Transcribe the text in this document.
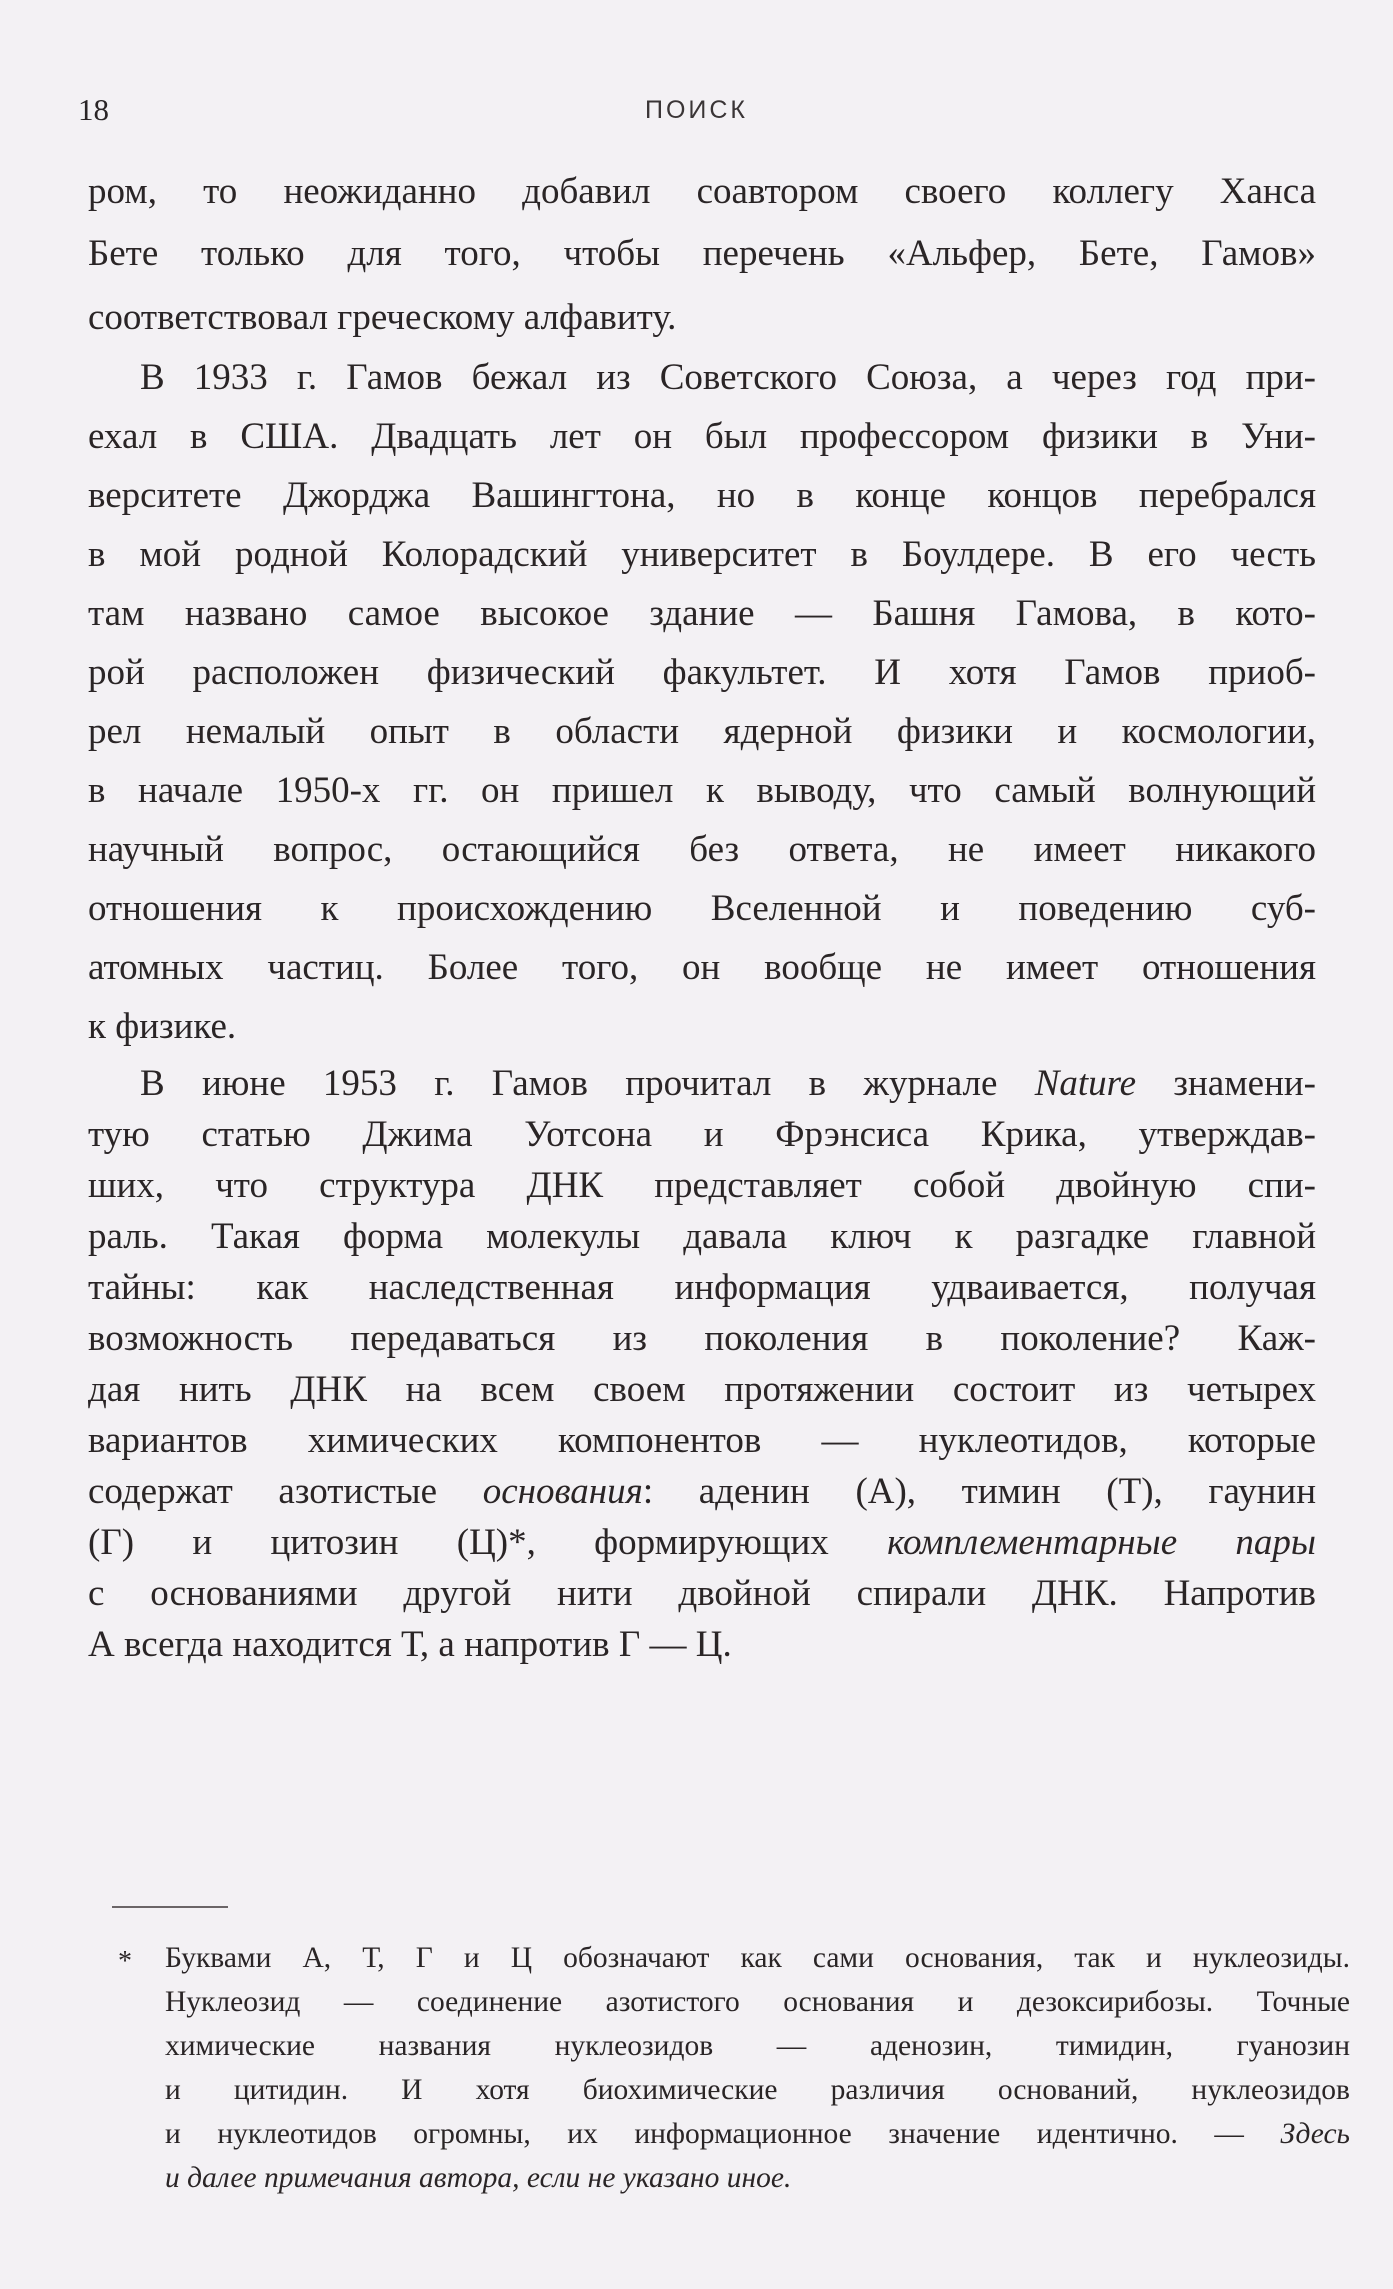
18	ПОИСК
ром, то неожиданно добавил соавтором своего коллегу Ханса
Бете только для того, чтобы перечень «Альфер, Бете, Гамов»
соответствовал греческому алфавиту.
В 1933 г. Гамов бежал из Советского Союза, а через год при-
ехал в США. Двадцать лет он был профессором физики в Уни-
верситете Джорджа Вашингтона, но в конце концов перебрался
в мой родной Колорадский университет в Боулдере. В его честь
там названо самое высокое здание — Башня Гамова, в кото-
рой расположен физический факультет. И хотя Гамов приоб-
рел немалый опыт в области ядерной физики и космологии,
в начале 1950-х гг. он пришел к выводу, что самый волнующий
научный вопрос, остающийся без ответа, не имеет никакого
отношения к происхождению Вселенной и поведению суб-
атомных частиц. Более того, он вообще не имеет отношения
к физике.
В июне 1953 г. Гамов прочитал в журнале Nature знамени-
тую статью Джима Уотсона и Фрэнсиса Крика, утверждав-
ших, что структура ДНК представляет собой двойную спи-
раль. Такая форма молекулы давала ключ к разгадке главной
тайны: как наследственная информация удваивается, получая
возможность передаваться из поколения в поколение? Каж-
дая нить ДНК на всем своем протяжении состоит из четырех
вариантов химических компонентов — нуклеотидов, которые
содержат азотистые основания: аденин (А), тимин (Т), гаунин
(Г) и цитозин (Ц)*, формирующих комплементарные пары
с основаниями другой нити двойной спирали ДНК. Напротив
А всегда находится Т, а напротив Г — Ц.
* Буквами А, Т, Г и Ц обозначают как сами основания, так и нуклеозиды.
Нуклеозид — соединение азотистого основания и дезоксирибозы. Точные
химические названия нуклеозидов — аденозин, тимидин, гуанозин
и цитидин. И хотя биохимические различия оснований, нуклеозидов
и нуклеотидов огромны, их информационное значение идентично. — Здесь
и далее примечания автора, если не указано иное.
